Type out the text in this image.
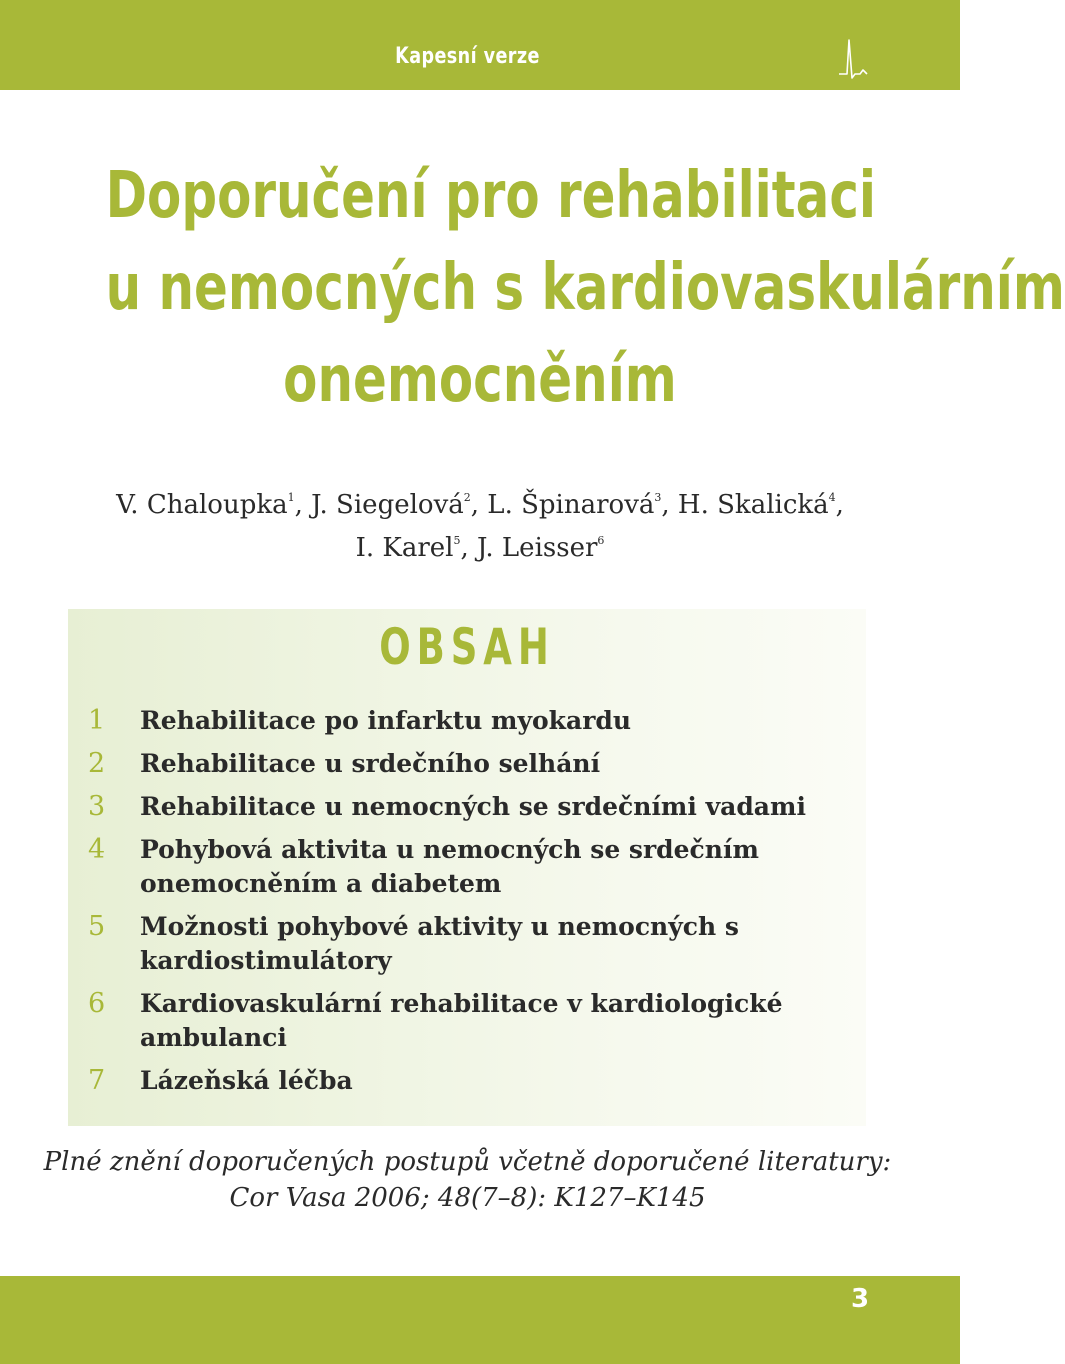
Kapesní verze
Doporučení pro rehabilitaci
u nemocných s kardiovaskulárním
onemocněním
V. Chaloupka$^1$, J. Siegelová$^2$, L. Špinarová$^3$, H. Skalická$^4$,
I. Karel$^5$, J. Leisser$^6$
OBSAH
1	Rehabilitace po infarktu myokardu
2	Rehabilitace u srdečního selhání
3	Rehabilitace u nemocných se srdečními vadami
4	Pohybová aktivita u nemocných se srdečním onemocněním a diabetem
5	Možnosti pohybové aktivity u nemocných s kardiostimulátory
6	Kardiovaskulární rehabilitace v kardiologické ambulanci
7	Lázeňská léčba
Plné znění doporučených postupů včetně doporučené literatury:
Cor Vasa 2006; 48(7–8): K127–K145
3
